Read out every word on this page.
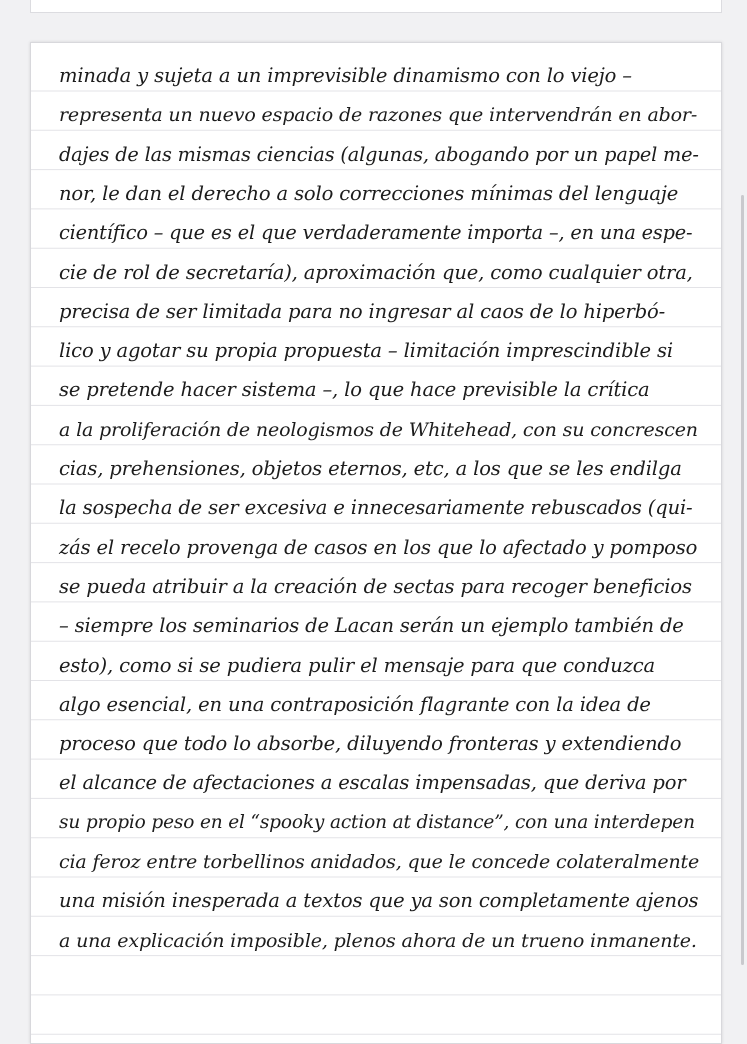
minada y sujeta a un imprevisible dinamismo con lo viejo –
representa un nuevo espacio de razones que intervendrán en abor-
dajes de las mismas ciencias (algunas, abogando por un papel me-
nor, le dan el derecho a solo correcciones mínimas del lenguaje
científico – que es el que verdaderamente importa –, en una espe-
cie de rol de secretaría), aproximación que, como cualquier otra,
precisa de ser limitada para no ingresar al caos de lo hiperbó-
lico y agotar su propia propuesta – limitación imprescindible si
se pretende hacer sistema –, lo que hace previsible la crítica
a la proliferación de neologismos de Whitehead, con su concrescen
cias, prehensiones, objetos eternos, etc, a los que se les endilga
la sospecha de ser excesiva e innecesariamente rebuscados (qui-
zás el recelo provenga de casos en los que lo afectado y pomposo
se pueda atribuir a la creación de sectas para recoger beneficios
– siempre los seminarios de Lacan serán un ejemplo también de
esto), como si se pudiera pulir el mensaje para que conduzca
algo esencial, en una contraposición flagrante con la idea de
proceso que todo lo absorbe, diluyendo fronteras y extendiendo
el alcance de afectaciones a escalas impensadas, que deriva por
su propio peso en el “spooky action at distance”, con una interdepen
cia feroz entre torbellinos anidados, que le concede colateralmente
una misión inesperada a textos que ya son completamente ajenos
a una explicación imposible, plenos ahora de un trueno inmanente.
